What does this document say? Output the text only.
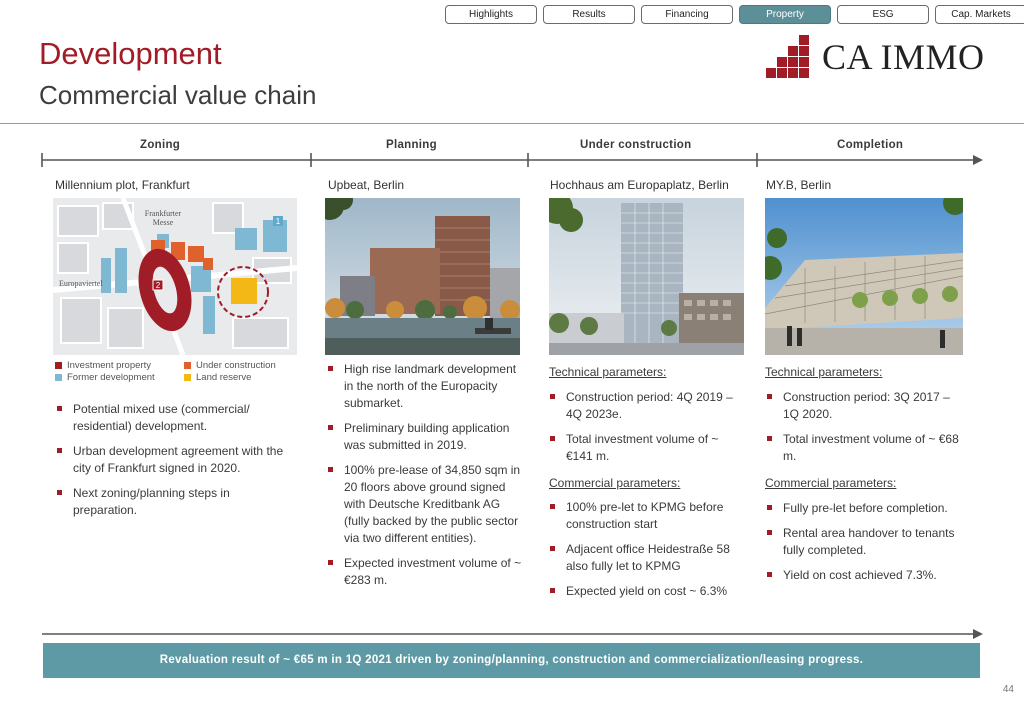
Highlights	Results	Financing	Property	ESG	Cap. Markets
Development
Commercial value chain
CA IMMO
Zoning	Planning	Under construction	Completion
Millennium plot, Frankfurt
1
2
Frankfurter
Messe
Europaviertel
Investment property	Under construction
Former development	Land reserve
Potential mixed use (commercial/ residential) development.
Urban development agreement with the city of Frankfurt signed in 2020.
Next zoning/planning steps in preparation.
Upbeat, Berlin
High rise landmark development in the north of the Europacity submarket.
Preliminary building application was submitted in 2019.
100% pre-lease of 34,850 sqm in 20 floors above ground signed with Deutsche Kreditbank AG (fully backed by the public sector via two different entities).
Expected investment volume of ~ €283 m.
Hochhaus am Europaplatz, Berlin
Technical parameters:
Construction period: 4Q 2019 – 4Q 2023e.
Total investment volume of ~ €141 m.
Commercial parameters:
100% pre-let to KPMG before construction start
Adjacent office Heidestraße 58 also fully let to KPMG
Expected yield on cost ~ 6.3%
MY.B, Berlin
Technical parameters:
Construction period: 3Q 2017 – 1Q 2020.
Total investment volume of ~ €68 m.
Commercial parameters:
Fully pre-let before completion.
Rental area handover to tenants fully completed.
Yield on cost achieved 7.3%.
Revaluation result of ~ €65 m in 1Q 2021 driven by zoning/planning, construction and commercialization/leasing progress.
44
